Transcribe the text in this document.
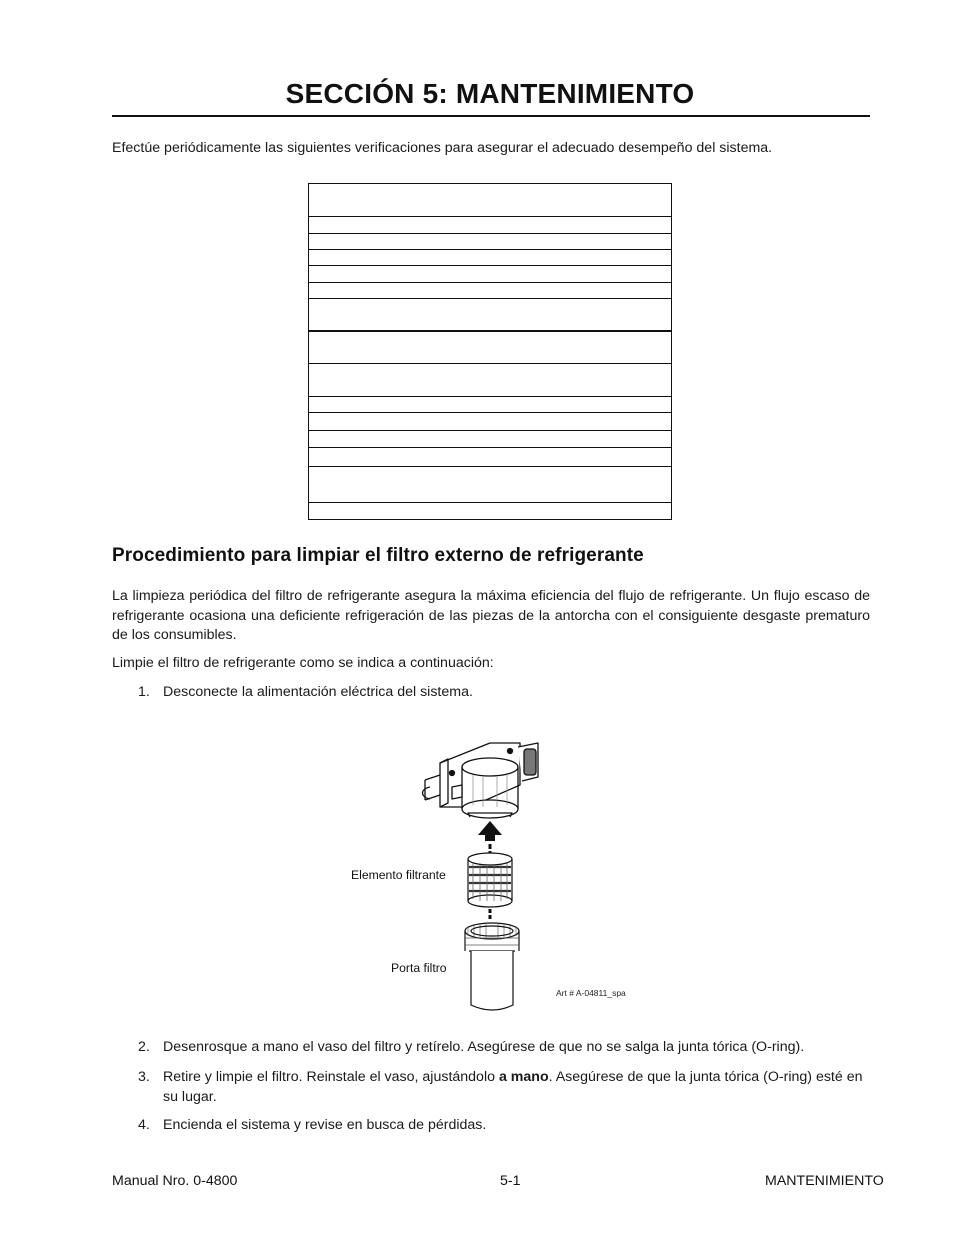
SECCIÓN 5: MANTENIMIENTO
Efectúe periódicamente las siguientes verificaciones para asegurar el adecuado desempeño del sistema.
Procedimiento para limpiar el filtro externo de refrigerante
La limpieza periódica del filtro de refrigerante asegura la máxima eficiencia del flujo de refrigerante. Un flujo escaso de refrigerante ocasiona una deficiente refrigeración de las piezas de la antorcha con el consiguiente desgaste prematuro de los consumibles.
Limpie el filtro de refrigerante como se indica a continuación:
1. Desconecte la alimentación eléctrica del sistema.
Elemento filtrante
Porta filtro
Art # A-04811_spa
2. Desenrosque a mano el vaso del filtro y retírelo. Asegúrese de que no se salga la junta tórica (O-ring).
3. Retire y limpie el filtro. Reinstale el vaso, ajustándolo a mano. Asegúrese de que la junta tórica (O-ring) esté en su lugar.
4. Encienda el sistema y revise en busca de pérdidas.
Manual Nro. 0-4800	5-1	MANTENIMIENTO
